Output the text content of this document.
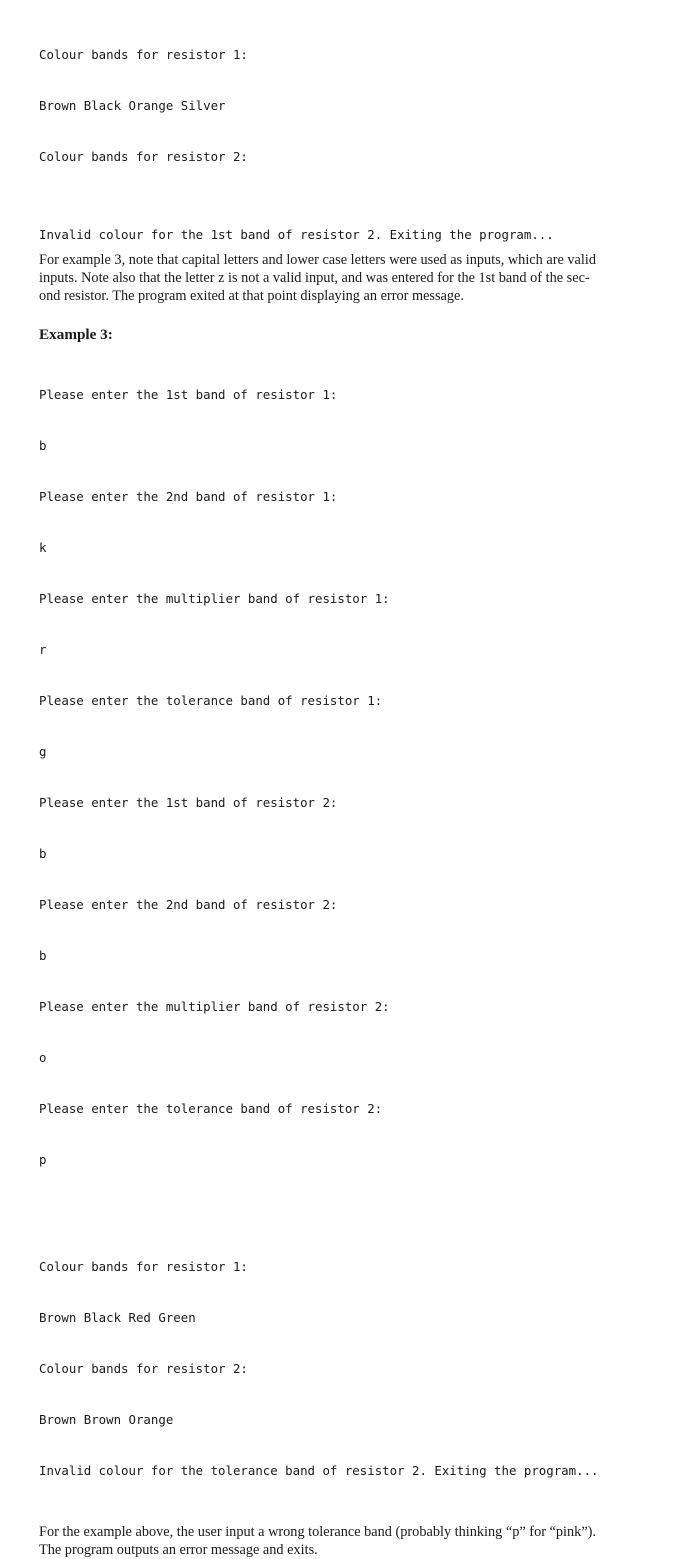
Colour bands for resistor 1:

Brown Black Orange Silver

Colour bands for resistor 2:

Invalid colour for the 1st band of resistor 2. Exiting the program...
For example 3, note that capital letters and lower case letters were used as inputs, which are valid
inputs. Note also that the letter z is not a valid input, and was entered for the 1st band of the sec-
ond resistor. The program exited at that point displaying an error message.
Example 3:

Please enter the 1st band of resistor 1:

b

Please enter the 2nd band of resistor 1:

k

Please enter the multiplier band of resistor 1:

r

Please enter the tolerance band of resistor 1:

g

Please enter the 1st band of resistor 2:

b

Please enter the 2nd band of resistor 2:

b

Please enter the multiplier band of resistor 2:

o

Please enter the tolerance band of resistor 2:

p

Colour bands for resistor 1:

Brown Black Red Green

Colour bands for resistor 2:

Brown Brown Orange

Invalid colour for the tolerance band of resistor 2. Exiting the program...

For the example above, the user input a wrong tolerance band (probably thinking “p” for “pink”).
The program outputs an error message and exits.
